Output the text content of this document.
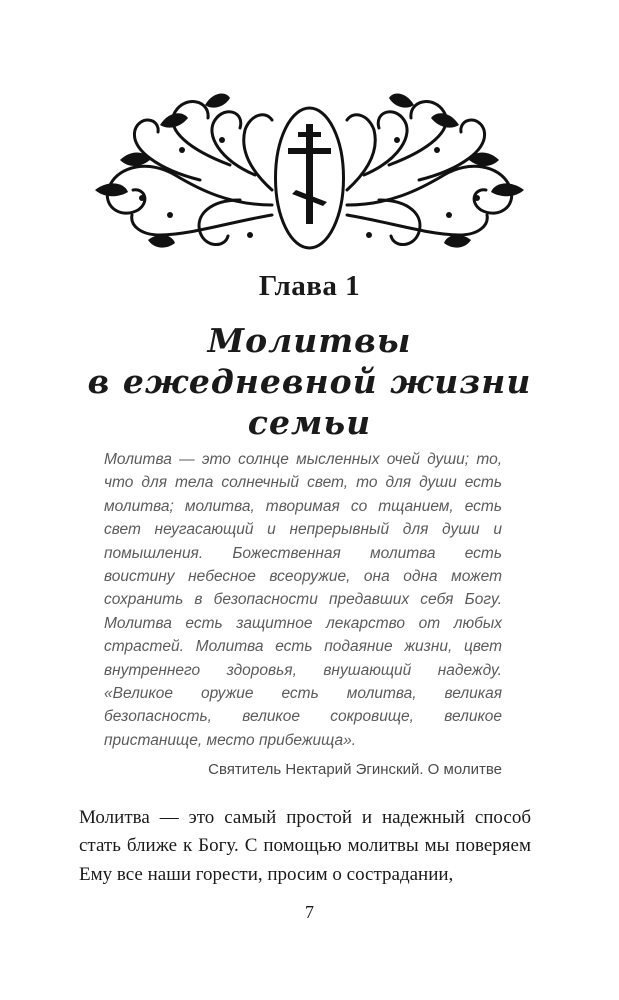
Глава 1
Молитвы
в ежедневной жизни
семьи

Молитва — это солнце мысленных очей души; то, что для тела солнечный свет, то для души есть молитва; молитва, творимая со тщанием, есть свет неугасающий и непрерывный для души и помышления. Божественная молитва есть воистину небесное всеоружие, она одна может сохранить в безопасности предавших себя Богу. Молитва есть защитное лекарство от любых страстей. Молитва есть подаяние жизни, цвет внутреннего здоровья, внушающий надежду. «Великое оружие есть молитва, великая безопасность, великое сокровище, великое пристанище, место прибежища».

Святитель Нектарий Эгинский. О молитве

Молитва — это самый простой и надежный способ стать ближе к Богу. С помощью молитвы мы поверяем Ему все наши горести, просим о сострадании,

7
